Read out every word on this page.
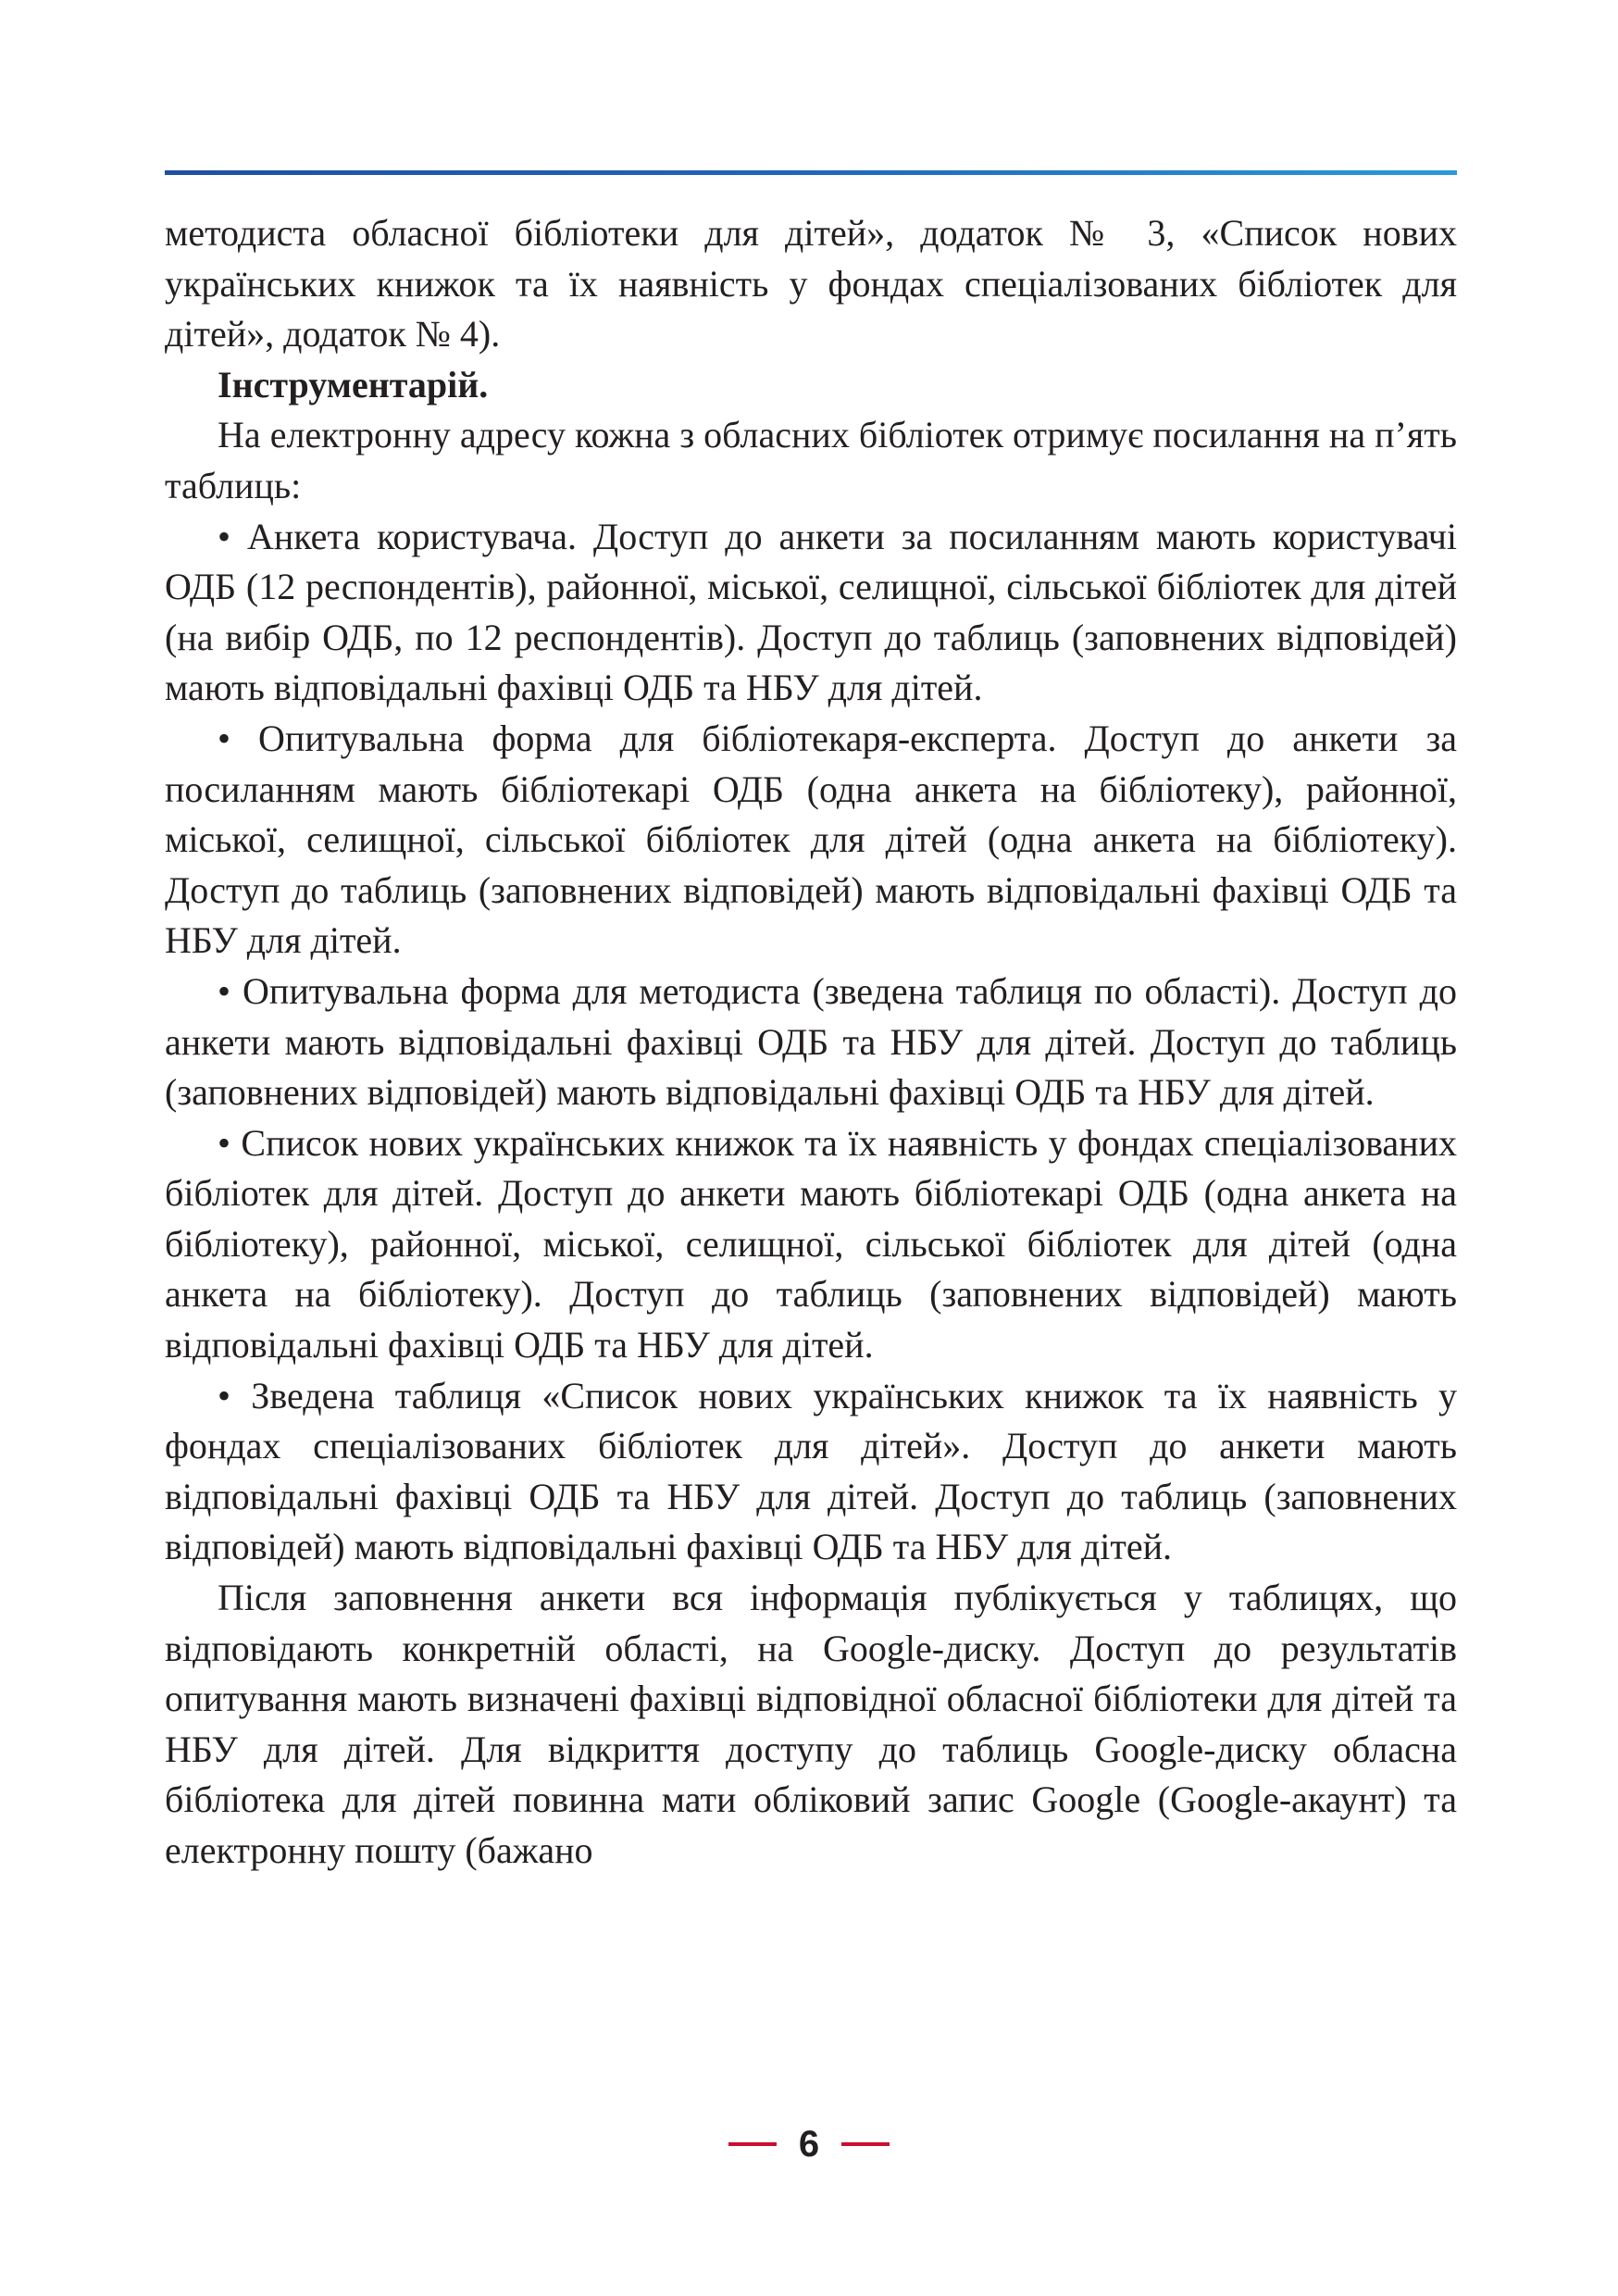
методиста обласної бібліотеки для дітей», додаток № 3, «Список нових українських книжок та їх наявність у фондах спеціалізованих бібліотек для дітей», додаток № 4).

Інструментарій.

На електронну адресу кожна з обласних бібліотек отримує посилання на п’ять таблиць:

• Анкета користувача. Доступ до анкети за посиланням мають користувачі ОДБ (12 респондентів), районної, міської, селищної, сільської бібліотек для дітей (на вибір ОДБ, по 12 респондентів). Доступ до таблиць (заповнених відповідей) мають відповідальні фахівці ОДБ та НБУ для дітей.

• Опитувальна форма для бібліотекаря-експерта. Доступ до анкети за посиланням мають бібліотекарі ОДБ (одна анкета на бібліотеку), районної, міської, селищної, сільської бібліотек для дітей (одна анкета на бібліотеку). Доступ до таблиць (заповнених відповідей) мають відповідальні фахівці ОДБ та НБУ для дітей.

• Опитувальна форма для методиста (зведена таблиця по області). Доступ до анкети мають відповідальні фахівці ОДБ та НБУ для дітей. Доступ до таблиць (заповнених відповідей) мають відповідальні фахівці ОДБ та НБУ для дітей.

• Список нових українських книжок та їх наявність у фондах спеціалізованих бібліотек для дітей. Доступ до анкети мають бібліотекарі ОДБ (одна анкета на бібліотеку), районної, міської, селищної, сільської бібліотек для дітей (одна анкета на бібліотеку). Доступ до таблиць (заповнених відповідей) мають відповідальні фахівці ОДБ та НБУ для дітей.

• Зведена таблиця «Список нових українських книжок та їх наявність у фондах спеціалізованих бібліотек для дітей». Доступ до анкети мають відповідальні фахівці ОДБ та НБУ для дітей. Доступ до таблиць (заповнених відповідей) мають відповідальні фахівці ОДБ та НБУ для дітей.

Після заповнення анкети вся інформація публікується у таблицях, що відповідають конкретній області, на Google-диску. Доступ до результатів опитування мають визначені фахівці відповідної обласної бібліотеки для дітей та НБУ для дітей. Для відкриття доступу до таблиць Google-диску обласна бібліотека для дітей повинна мати обліковий запис Google (Google-акаунт) та електронну пошту (бажано

6
